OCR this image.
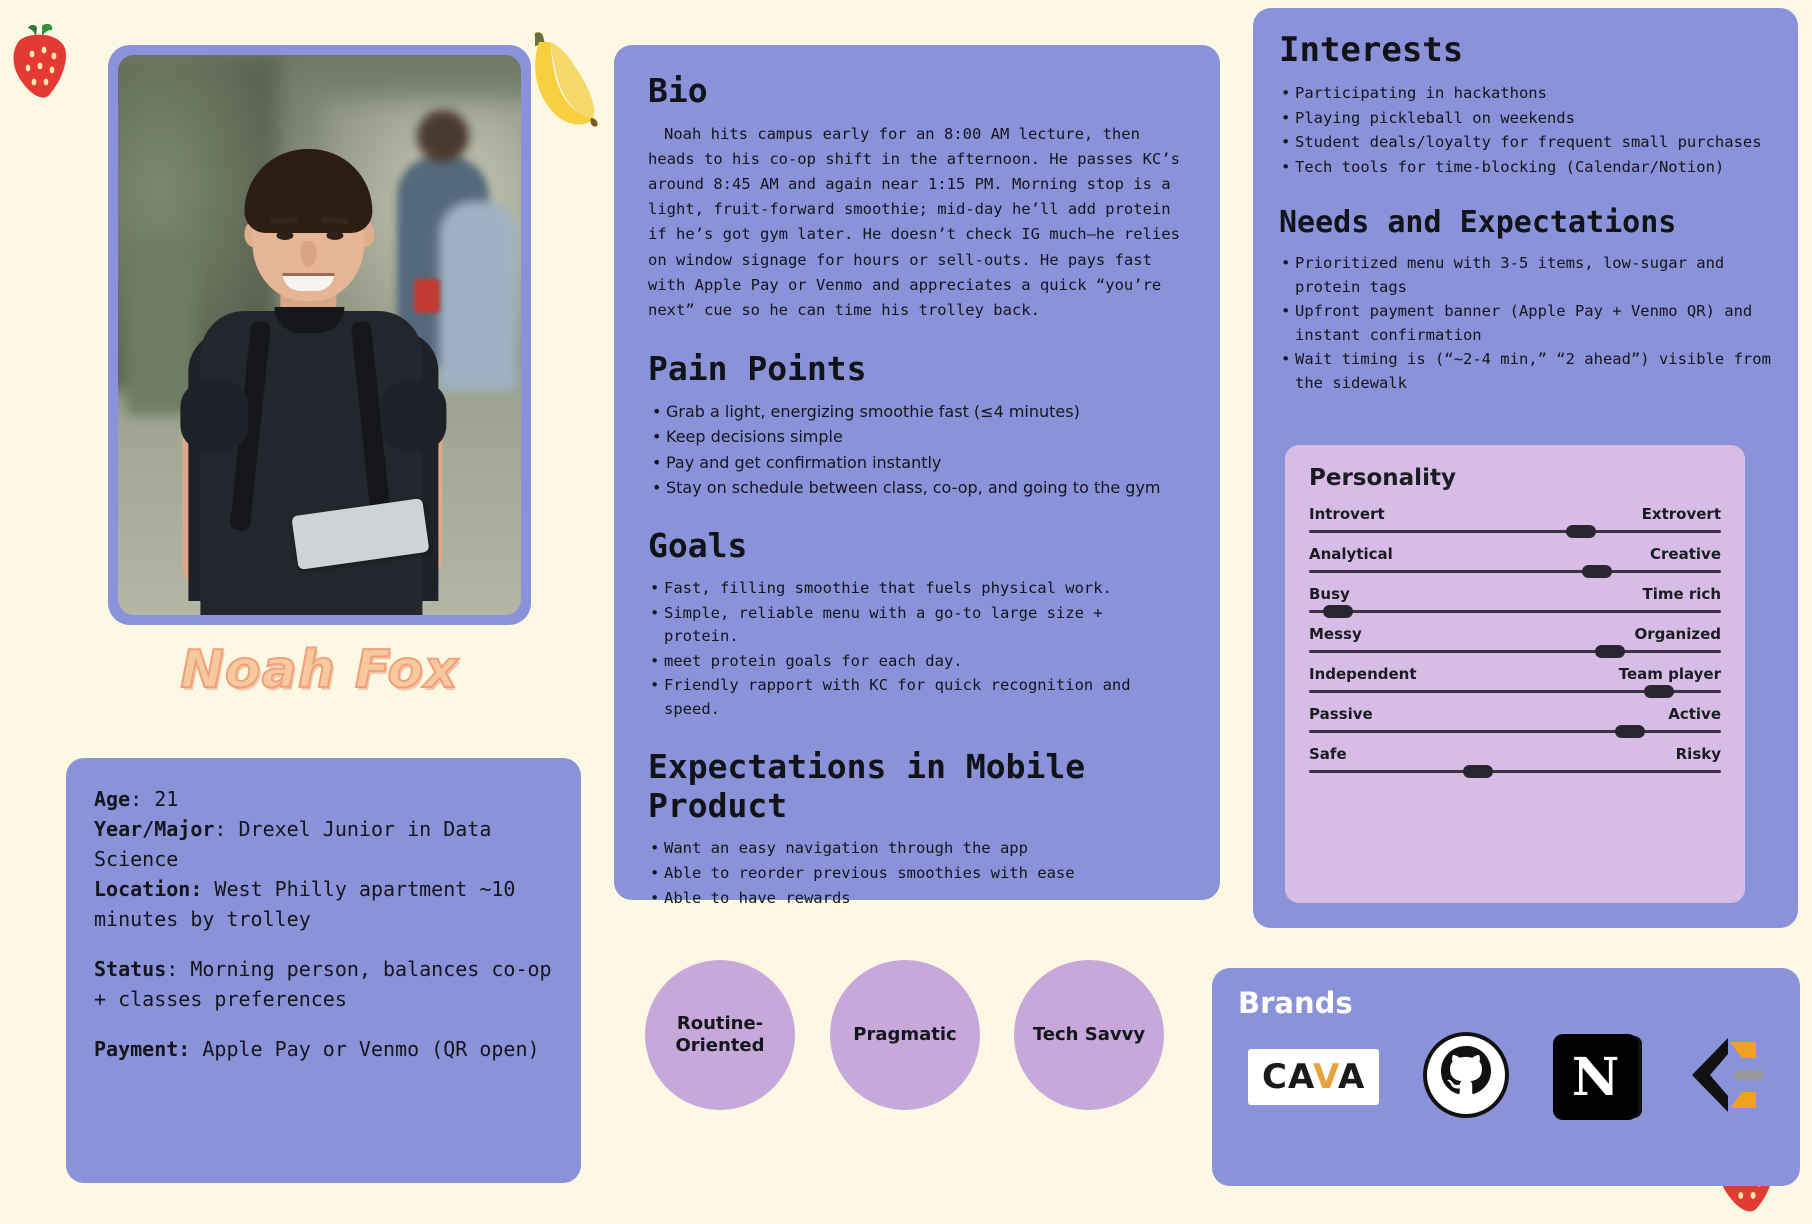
Noah Fox
Age: 21
Year/Major: Drexel Junior in Data Science
Location: West Philly apartment ~10 minutes by trolley
Status: Morning person, balances co-op + classes preferences
Payment: Apple Pay or Venmo (QR open)
Bio
Noah hits campus early for an 8:00 AM lecture, then heads to his co-op shift in the afternoon. He passes KC’s around 8:45 AM and again near 1:15 PM. Morning stop is a light, fruit-forward smoothie; mid-day he’ll add protein if he’s got gym later. He doesn’t check IG much—he relies on window signage for hours or sell-outs. He pays fast with Apple Pay or Venmo and appreciates a quick “you’re next” cue so he can time his trolley back.
Pain Points
• Grab a light, energizing smoothie fast (≤4 minutes)
• Keep decisions simple
• Pay and get confirmation instantly
• Stay on schedule between class, co-op, and going to the gym
Goals
• Fast, filling smoothie that fuels physical work.
• Simple, reliable menu with a go-to large size + protein.
• meet protein goals for each day.
• Friendly rapport with KC for quick recognition and speed.
Expectations in Mobile Product
• Want an easy navigation through the app
• Able to reorder previous smoothies with ease
• Able to have rewards
Routine-Oriented
Pragmatic	Tech Savvy
Interests
• Participating in hackathons
• Playing pickleball on weekends
• Student deals/loyalty for frequent small purchases
• Tech tools for time-blocking (Calendar/Notion)
Needs and Expectations
• Prioritized menu with 3-5 items, low-sugar and protein tags
• Upfront payment banner (Apple Pay + Venmo QR) and instant confirmation
• Wait timing is (“~2-4 min,” “2 ahead”) visible from the sidewalk
Personality
Introvert	Extrovert
Analytical	Creative
Busy	Time rich
Messy	Organized
Independent	Team player
Passive	Active
Safe	Risky
Brands
CAVA	N
